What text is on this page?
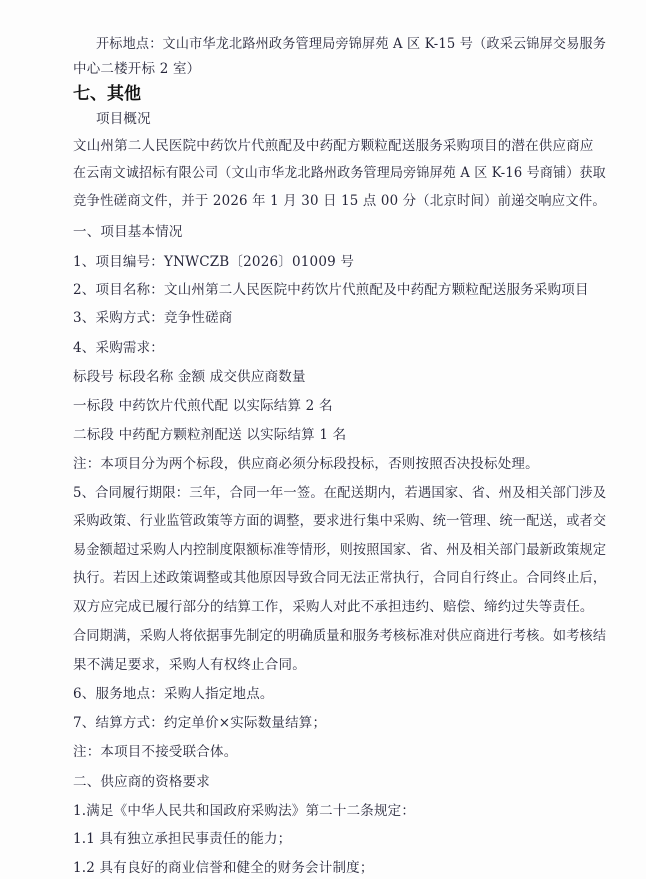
开标地点：文山市华龙北路州政务管理局旁锦屏苑 A 区 K-15 号（政采云锦屏交易服务
中心二楼开标 2 室）
七、其他
项目概况
文山州第二人民医院中药饮片代煎配及中药配方颗粒配送服务采购项目的潜在供应商应
在云南文诚招标有限公司（文山市华龙北路州政务管理局旁锦屏苑 A 区 K-16 号商铺）获取
竞争性磋商文件，并于 2026 年 1 月 30 日 15 点 00 分（北京时间）前递交响应文件。
一、项目基本情况
1、项目编号：YNWCZB〔2026〕01009 号
2、项目名称：文山州第二人民医院中药饮片代煎配及中药配方颗粒配送服务采购项目
3、采购方式：竞争性磋商
4、采购需求：
标段号 标段名称 金额 成交供应商数量
一标段 中药饮片代煎代配 以实际结算 2 名
二标段 中药配方颗粒剂配送 以实际结算 1 名
注：本项目分为两个标段，供应商必须分标段投标，否则按照否决投标处理。
5、合同履行期限：三年，合同一年一签。在配送期内，若遇国家、省、州及相关部门涉及
采购政策、行业监管政策等方面的调整，要求进行集中采购、统一管理、统一配送，或者交
易金额超过采购人内控制度限额标准等情形，则按照国家、省、州及相关部门最新政策规定
执行。若因上述政策调整或其他原因导致合同无法正常执行，合同自行终止。合同终止后，
双方应完成已履行部分的结算工作，采购人对此不承担违约、赔偿、缔约过失等责任。
合同期满，采购人将依据事先制定的明确质量和服务考核标准对供应商进行考核。如考核结
果不满足要求，采购人有权终止合同。
6、服务地点：采购人指定地点。
7、结算方式：约定单价×实际数量结算；
注：本项目不接受联合体。
二、供应商的资格要求
1.满足《中华人民共和国政府采购法》第二十二条规定：
1.1 具有独立承担民事责任的能力；
1.2 具有良好的商业信誉和健全的财务会计制度；
